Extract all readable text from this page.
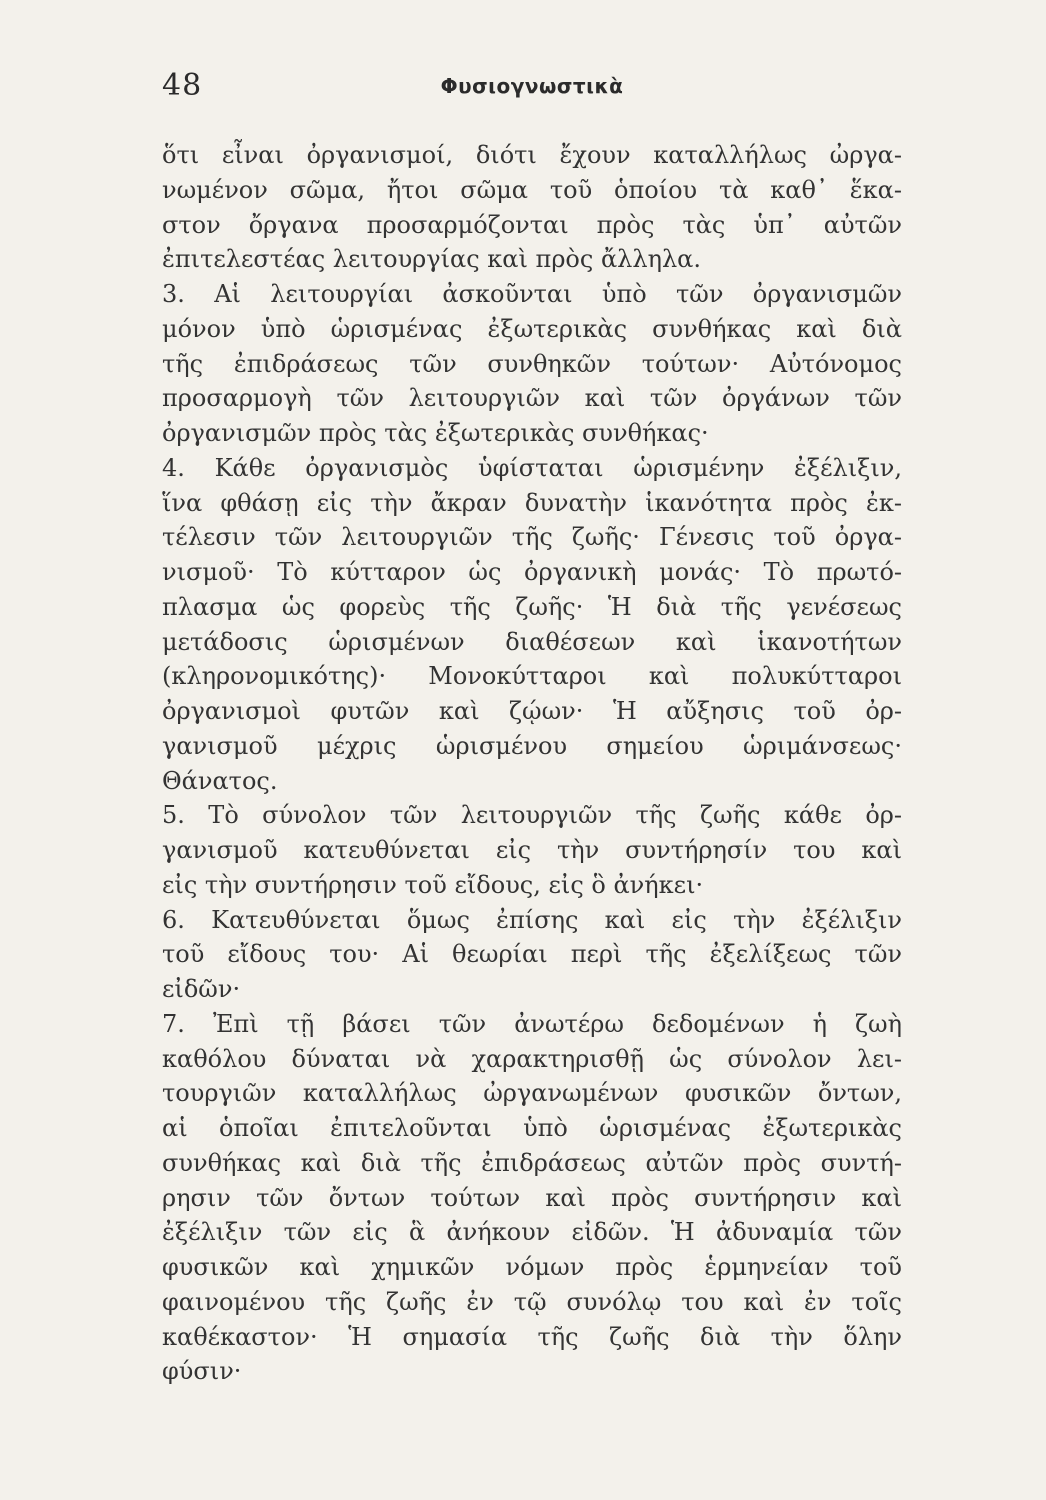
48	Φυσιογνωστικὰ
ὅτι εἶναι ὀργανισμοί, διότι ἔχουν καταλλήλως ὠργα-
νωμένον σῶμα, ἤτοι σῶμα τοῦ ὁποίου τὰ καθ᾿ ἕκα-
στον ὄργανα προσαρμόζονται πρὸς τὰς ὑπ᾿ αὐτῶν
ἐπιτελεστέας λειτουργίας καὶ πρὸς ἄλληλα.
3. Αἱ λειτουργίαι ἀσκοῦνται ὑπὸ τῶν ὀργανισμῶν
μόνον ὑπὸ ὡρισμένας ἐξωτερικὰς συνθήκας καὶ διὰ
τῆς ἐπιδράσεως τῶν συνθηκῶν τούτων· Αὐτόνομος
προσαρμογὴ τῶν λειτουργιῶν καὶ τῶν ὀργάνων τῶν
ὀργανισμῶν πρὸς τὰς ἐξωτερικὰς συνθήκας·
4. Κάθε ὀργανισμὸς ὑφίσταται ὡρισμένην ἐξέλιξιν,
ἵνα φθάσῃ εἰς τὴν ἄκραν δυνατὴν ἱκανότητα πρὸς ἐκ-
τέλεσιν τῶν λειτουργιῶν τῆς ζωῆς· Γένεσις τοῦ ὀργα-
νισμοῦ· Τὸ κύτταρον ὡς ὀργανικὴ μονάς· Τὸ πρωτό-
πλασμα ὡς φορεὺς τῆς ζωῆς· Ἡ διὰ τῆς γενέσεως
μετάδοσις ὡρισμένων διαθέσεων καὶ ἱκανοτήτων
(κληρονομικότης)· Μονοκύτταροι καὶ πολυκύτταροι
ὀργανισμοὶ φυτῶν καὶ ζῴων· Ἡ αὔξησις τοῦ ὀρ-
γανισμοῦ μέχρις ὡρισμένου σημείου ὡριμάνσεως·
Θάνατος.
5. Τὸ σύνολον τῶν λειτουργιῶν τῆς ζωῆς κάθε ὀρ-
γανισμοῦ κατευθύνεται εἰς τὴν συντήρησίν του καὶ
εἰς τὴν συντήρησιν τοῦ εἴδους, εἰς ὃ ἀνήκει·
6. Κατευθύνεται ὅμως ἐπίσης καὶ εἰς τὴν ἐξέλιξιν
τοῦ εἴδους του· Αἱ θεωρίαι περὶ τῆς ἐξελίξεως τῶν
εἰδῶν·
7. Ἐπὶ τῇ βάσει τῶν ἀνωτέρω δεδομένων ἡ ζωὴ
καθόλου δύναται νὰ χαρακτηρισθῇ ὡς σύνολον λει-
τουργιῶν καταλλήλως ὠργανωμένων φυσικῶν ὄντων,
αἱ ὁποῖαι ἐπιτελοῦνται ὑπὸ ὡρισμένας ἐξωτερικὰς
συνθήκας καὶ διὰ τῆς ἐπιδράσεως αὐτῶν πρὸς συντή-
ρησιν τῶν ὄντων τούτων καὶ πρὸς συντήρησιν καὶ
ἐξέλιξιν τῶν εἰς ἃ ἀνήκουν εἰδῶν. Ἡ ἀδυναμία τῶν
φυσικῶν καὶ χημικῶν νόμων πρὸς ἑρμηνείαν τοῦ
φαινομένου τῆς ζωῆς ἐν τῷ συνόλῳ του καὶ ἐν τοῖς
καθέκαστον· Ἡ σημασία τῆς ζωῆς διὰ τὴν ὅλην
φύσιν·
